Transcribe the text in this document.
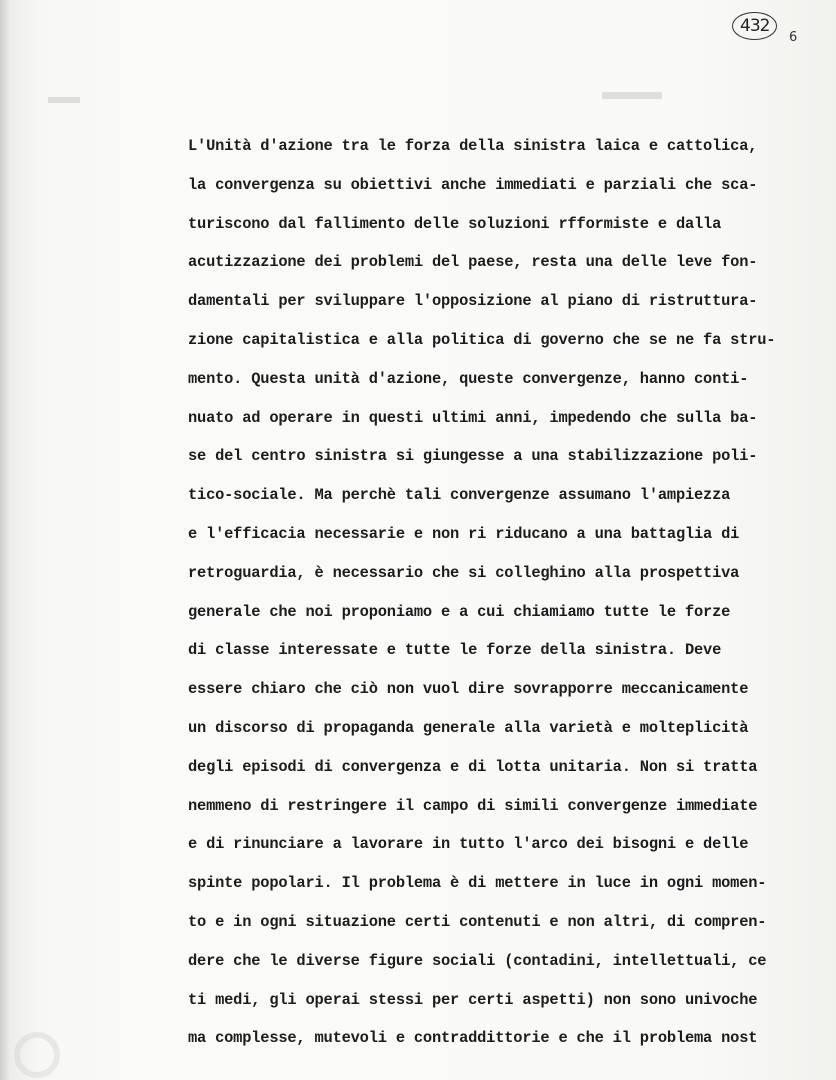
432
6
L'Unità d'azione tra le forza della sinistra laica e cattolica,
la convergenza su obiettivi anche immediati e parziali che sca-
turiscono dal fallimento delle soluzioni rfformiste e dalla
acutizzazione dei problemi del paese, resta una delle leve fon-
damentali per sviluppare l'opposizione al piano di ristruttura-
zione capitalistica e alla politica di governo che se ne fa stru-
mento. Questa unità d'azione, queste convergenze, hanno conti-
nuato ad operare in questi ultimi anni, impedendo che sulla ba-
se del centro sinistra si giungesse a una stabilizzazione poli-
tico-sociale. Ma perchè tali convergenze assumano l'ampiezza
e l'efficacia necessarie e non ri riducano a una battaglia di
retroguardia, è necessario che si colleghino alla prospettiva
generale che noi proponiamo e a cui chiamiamo tutte le forze
di classe interessate e tutte le forze della sinistra. Deve
essere chiaro che ciò non vuol dire sovrapporre meccanicamente
un discorso di propaganda generale alla varietà e molteplicità
degli episodi di convergenza e di lotta unitaria. Non si tratta
nemmeno di restringere il campo di simili convergenze immediate
e di rinunciare a lavorare in tutto l'arco dei bisogni e delle
spinte popolari. Il problema è di mettere in luce in ogni momen-
to e in ogni situazione certi contenuti e non altri, di compren-
dere che le diverse figure sociali (contadini, intellettuali, ce
ti medi, gli operai stessi per certi aspetti) non sono univoche
ma complesse, mutevoli e contraddittorie e che il problema nost
